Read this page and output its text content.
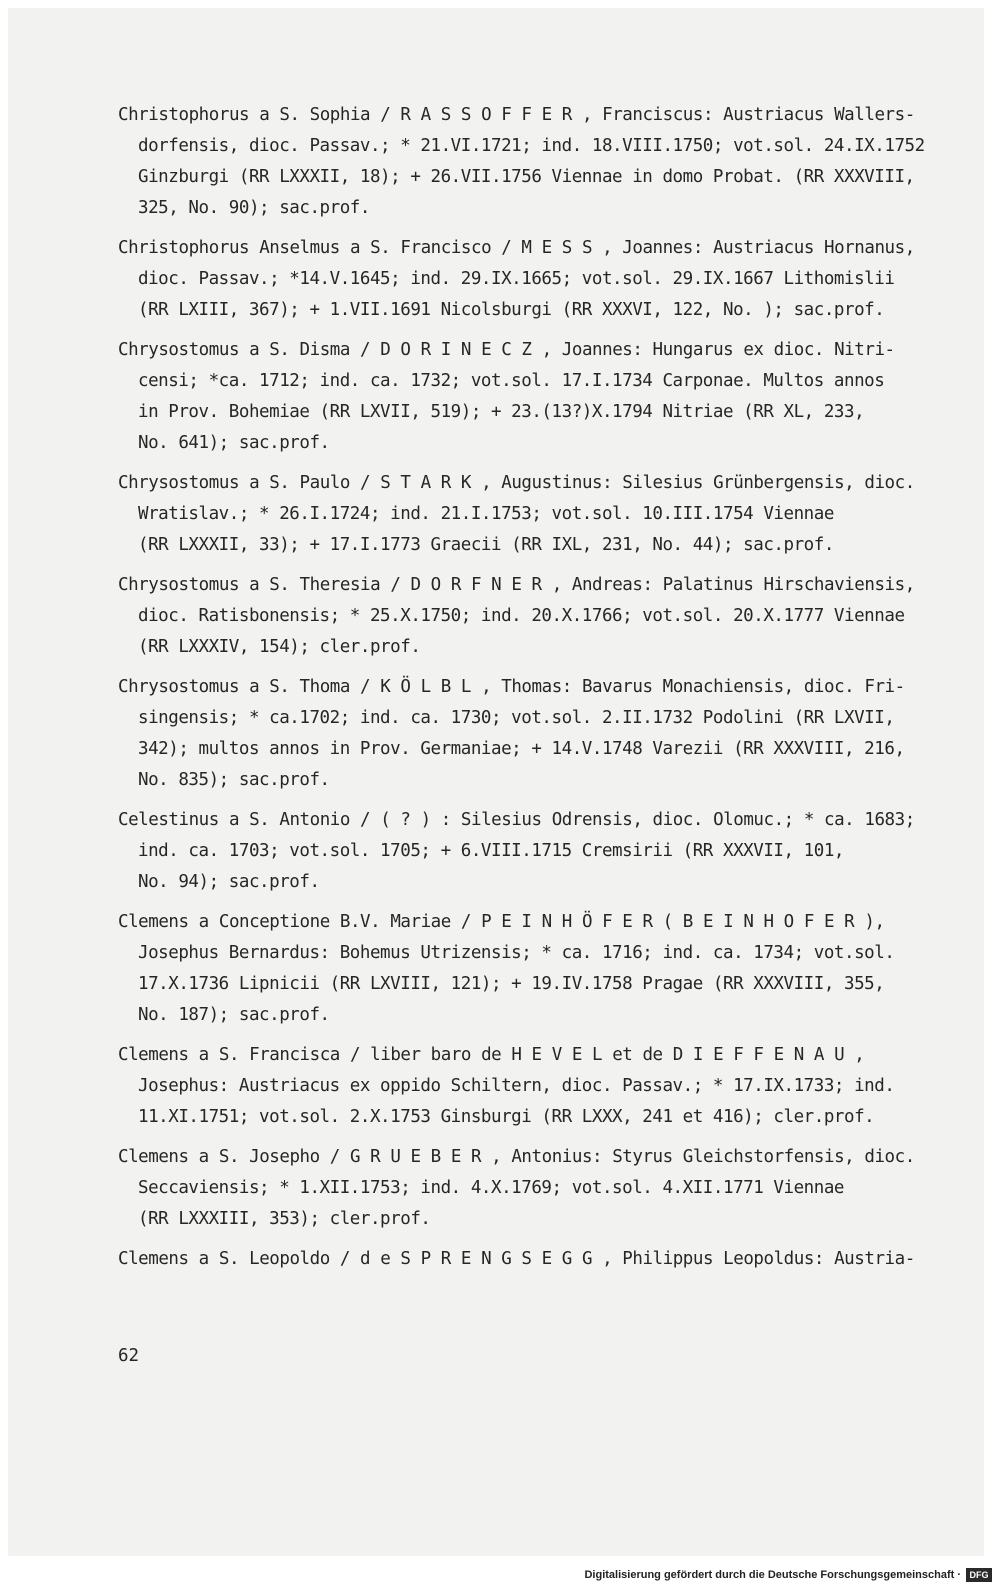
Christophorus a S. Sophia / R A S S O F F E R , Franciscus: Austriacus Wallers-
dorfensis, dioc. Passav.; * 21.VI.1721; ind. 18.VIII.1750; vot.sol. 24.IX.1752
Ginzburgi (RR LXXXII, 18); + 26.VII.1756 Viennae in domo Probat. (RR XXXVIII,
325, No. 90); sac.prof.
Christophorus Anselmus a S. Francisco / M E S S , Joannes: Austriacus Hornanus,
dioc. Passav.; *14.V.1645; ind. 29.IX.1665; vot.sol. 29.IX.1667 Lithomislii
(RR LXIII, 367); + 1.VII.1691 Nicolsburgi (RR XXXVI, 122, No. ); sac.prof.
Chrysostomus a S. Disma / D O R I N E C Z , Joannes: Hungarus ex dioc. Nitri-
censi; *ca. 1712; ind. ca. 1732; vot.sol. 17.I.1734 Carponae. Multos annos
in Prov. Bohemiae (RR LXVII, 519); + 23.(13?)X.1794 Nitriae (RR XL, 233,
No. 641); sac.prof.
Chrysostomus a S. Paulo / S T A R K , Augustinus: Silesius Grünbergensis, dioc.
Wratislav.; * 26.I.1724; ind. 21.I.1753; vot.sol. 10.III.1754 Viennae
(RR LXXXII, 33); + 17.I.1773 Graecii (RR IXL, 231, No. 44); sac.prof.
Chrysostomus a S. Theresia / D O R F N E R , Andreas: Palatinus Hirschaviensis,
dioc. Ratisbonensis; * 25.X.1750; ind. 20.X.1766; vot.sol. 20.X.1777 Viennae
(RR LXXXIV, 154); cler.prof.
Chrysostomus a S. Thoma / K Ö L B L , Thomas: Bavarus Monachiensis, dioc. Fri-
singensis; * ca.1702; ind. ca. 1730; vot.sol. 2.II.1732 Podolini (RR LXVII,
342); multos annos in Prov. Germaniae; + 14.V.1748 Varezii (RR XXXVIII, 216,
No. 835); sac.prof.
Celestinus a S. Antonio / ( ? ) : Silesius Odrensis, dioc. Olomuc.; * ca. 1683;
ind. ca. 1703; vot.sol. 1705; + 6.VIII.1715 Cremsirii (RR XXXVII, 101,
No. 94); sac.prof.
Clemens a Conceptione B.V. Mariae / P E I N H Ö F E R ( B E I N H O F E R ),
Josephus Bernardus: Bohemus Utrizensis; * ca. 1716; ind. ca. 1734; vot.sol.
17.X.1736 Lipnicii (RR LXVIII, 121); + 19.IV.1758 Pragae (RR XXXVIII, 355,
No. 187); sac.prof.
Clemens a S. Francisca / liber baro de H E V E L et de D I E F F E N A U ,
Josephus: Austriacus ex oppido Schiltern, dioc. Passav.; * 17.IX.1733; ind.
11.XI.1751; vot.sol. 2.X.1753 Ginsburgi (RR LXXX, 241 et 416); cler.prof.
Clemens a S. Josepho / G R U E B E R , Antonius: Styrus Gleichstorfensis, dioc.
Seccaviensis; * 1.XII.1753; ind. 4.X.1769; vot.sol. 4.XII.1771 Viennae
(RR LXXXIII, 353); cler.prof.
Clemens a S. Leopoldo / d e S P R E N G S E G G , Philippus Leopoldus: Austria-
62
Digitalisierung gefördert durch die Deutsche Forschungsgemeinschaft · DFG
